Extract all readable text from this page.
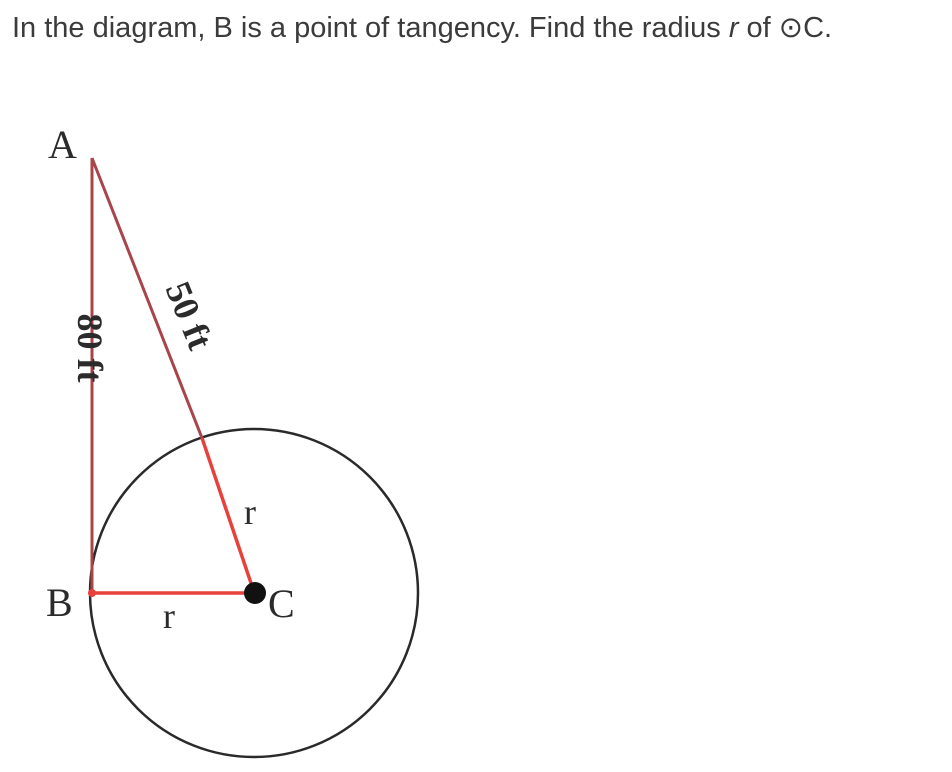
In the diagram, B is a point of tangency. Find the radius r of ⊙C.
A
B	C
r
r
80 ft 50 ft
